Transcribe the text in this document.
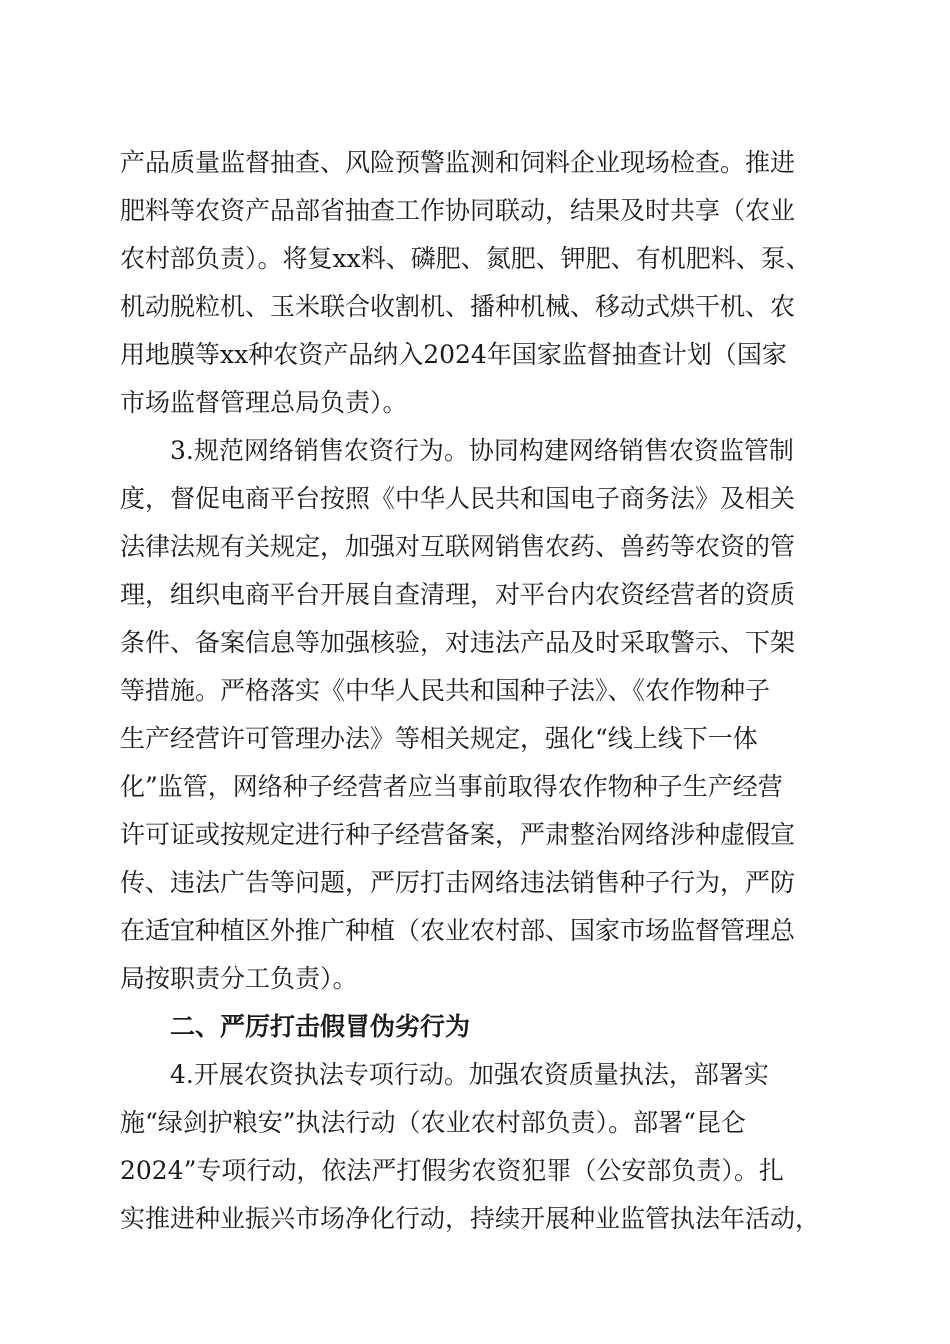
产品质量监督抽查、风险预警监测和饲料企业现场检查。推进
肥料等农资产品部省抽查工作协同联动，结果及时共享（农业
农村部负责）。将复xx料、磷肥、氮肥、钾肥、有机肥料、泵、
机动脱粒机、玉米联合收割机、播种机械、移动式烘干机、农
用地膜等xx种农资产品纳入2024年国家监督抽查计划（国家
市场监督管理总局负责）。
3.规范网络销售农资行为。协同构建网络销售农资监管制
度，督促电商平台按照《中华人民共和国电子商务法》及相关
法律法规有关规定，加强对互联网销售农药、兽药等农资的管
理，组织电商平台开展自查清理，对平台内农资经营者的资质
条件、备案信息等加强核验，对违法产品及时采取警示、下架
等措施。严格落实《中华人民共和国种子法》、《农作物种子
生产经营许可管理办法》等相关规定，强化“线上线下一体
化”监管，网络种子经营者应当事前取得农作物种子生产经营
许可证或按规定进行种子经营备案，严肃整治网络涉种虚假宣
传、违法广告等问题，严厉打击网络违法销售种子行为，严防
在适宜种植区外推广种植（农业农村部、国家市场监督管理总
局按职责分工负责）。
二、严厉打击假冒伪劣行为
4.开展农资执法专项行动。加强农资质量执法，部署实
施“绿剑护粮安”执法行动（农业农村部负责）。部署“昆仑
2024”专项行动，依法严打假劣农资犯罪（公安部负责）。扎
实推进种业振兴市场净化行动，持续开展种业监管执法年活动，
